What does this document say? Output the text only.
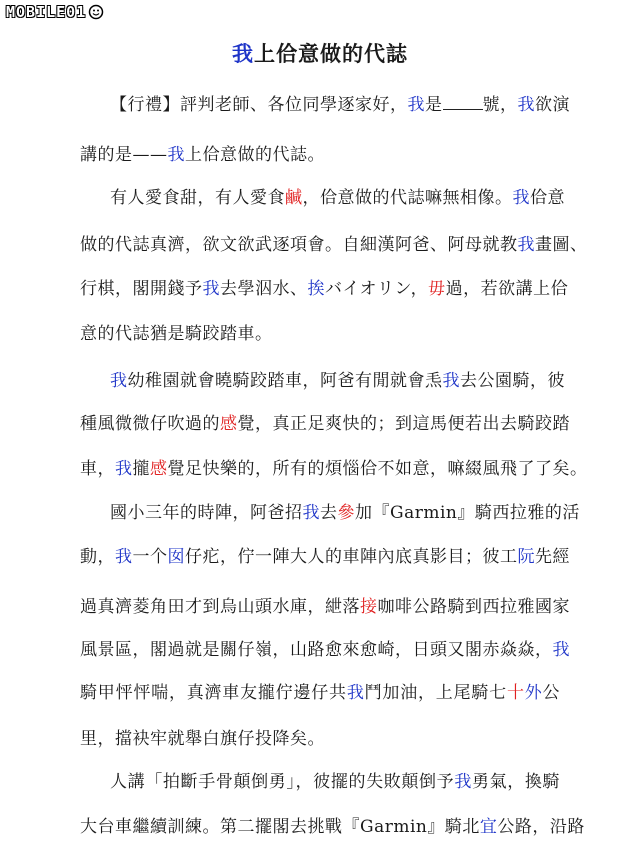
MOBILE01
我上佮意做的代誌
【行禮】評判老師、各位同學逐家好，我是 號，我欲演
講的是——我上佮意做的代誌。
有人愛食甜，有人愛食鹹，佮意做的代誌嘛無相像。我佮意
做的代誌真濟，欲文欲武逐項會。自細漢阿爸、阿母就教我畫圖、
行棋，閣開錢予我去學泅水、挨バイオリン，毋過，若欲講上佮
意的代誌猶是騎跤踏車。
我幼稚園就會曉騎跤踏車，阿爸有閒就會𤆬我去公園騎，彼
種風微微仔吹過的感覺，真正足爽快的；到這馬便若出去騎跤踏
車，我攏感覺足快樂的，所有的煩惱佮不如意，嘛綴風飛了了矣。
國小三年的時陣，阿爸招我去參加『Garmin』騎西拉雅的活
動，我一个囡仔疕，佇一陣大人的車陣內底真影目；彼工阮先經
過真濟菱角田才到烏山頭水庫，紲落接咖啡公路騎到西拉雅國家
風景區，閣過就是關仔嶺，山路愈來愈崎，日頭又閣赤焱焱，我
騎甲怦怦喘，真濟車友攏佇邊仔共我鬥加油，上尾騎七十外公
里，擋袂牢就舉白旗仔投降矣。
人講「拍斷手骨顛倒勇」，彼擺的失敗顛倒予我勇氣，換騎
大台車繼續訓練。第二擺閣去挑戰『Garmin』騎北宜公路，沿路
